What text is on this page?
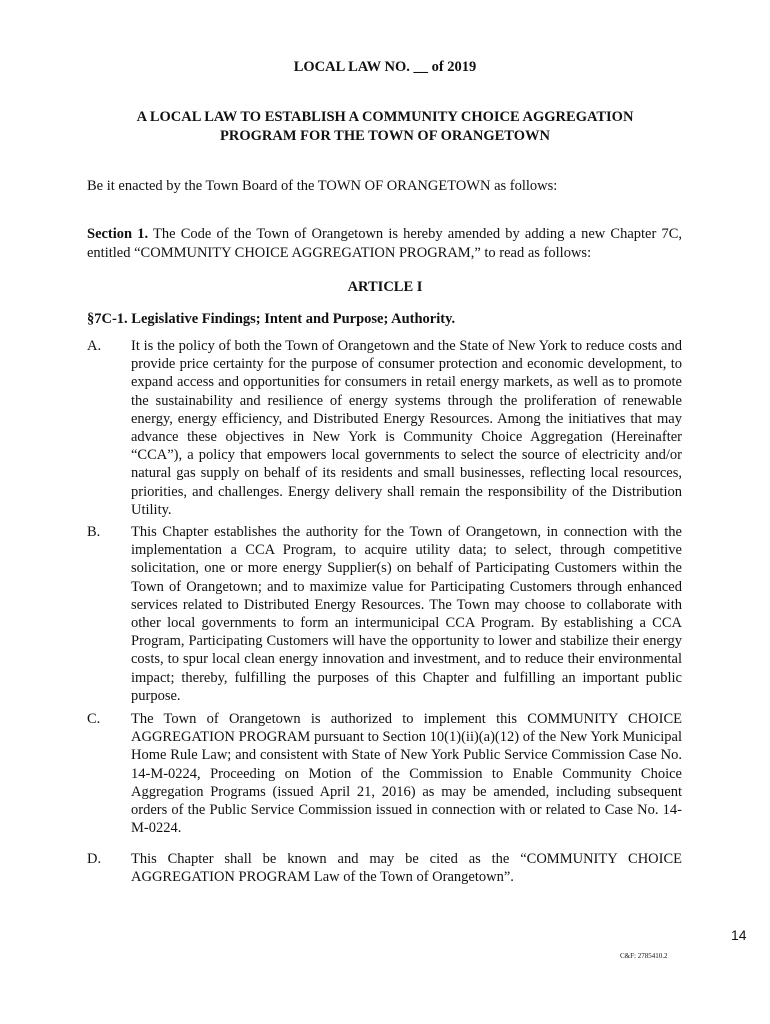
LOCAL LAW NO. __ of 2019
A LOCAL LAW TO ESTABLISH A COMMUNITY CHOICE AGGREGATION
PROGRAM FOR THE TOWN OF ORANGETOWN
Be it enacted by the Town Board of the TOWN OF ORANGETOWN as follows:
Section 1. The Code of the Town of Orangetown is hereby amended by adding a new Chapter 7C, entitled “COMMUNITY CHOICE AGGREGATION PROGRAM,” to read as follows:
ARTICLE I
§7C-1. Legislative Findings; Intent and Purpose; Authority.
A. It is the policy of both the Town of Orangetown and the State of New York to reduce costs and provide price certainty for the purpose of consumer protection and economic development, to expand access and opportunities for consumers in retail energy markets, as well as to promote the sustainability and resilience of energy systems through the proliferation of renewable energy, energy efficiency, and Distributed Energy Resources. Among the initiatives that may advance these objectives in New York is Community Choice Aggregation (Hereinafter “CCA”), a policy that empowers local governments to select the source of electricity and/or natural gas supply on behalf of its residents and small businesses, reflecting local resources, priorities, and challenges. Energy delivery shall remain the responsibility of the Distribution Utility.
B. This Chapter establishes the authority for the Town of Orangetown, in connection with the implementation a CCA Program, to acquire utility data; to select, through competitive solicitation, one or more energy Supplier(s) on behalf of Participating Customers within the Town of Orangetown; and to maximize value for Participating Customers through enhanced services related to Distributed Energy Resources. The Town may choose to collaborate with other local governments to form an intermunicipal CCA Program. By establishing a CCA Program, Participating Customers will have the opportunity to lower and stabilize their energy costs, to spur local clean energy innovation and investment, and to reduce their environmental impact; thereby, fulfilling the purposes of this Chapter and fulfilling an important public purpose.
C. The Town of Orangetown is authorized to implement this COMMUNITY CHOICE AGGREGATION PROGRAM pursuant to Section 10(1)(ii)(a)(12) of the New York Municipal Home Rule Law; and consistent with State of New York Public Service Commission Case No. 14-M-0224, Proceeding on Motion of the Commission to Enable Community Choice Aggregation Programs (issued April 21, 2016) as may be amended, including subsequent orders of the Public Service Commission issued in connection with or related to Case No. 14-M-0224.
D. This Chapter shall be known and may be cited as the “COMMUNITY CHOICE AGGREGATION PROGRAM Law of the Town of Orangetown”.
14
C&F: 2785410.2
